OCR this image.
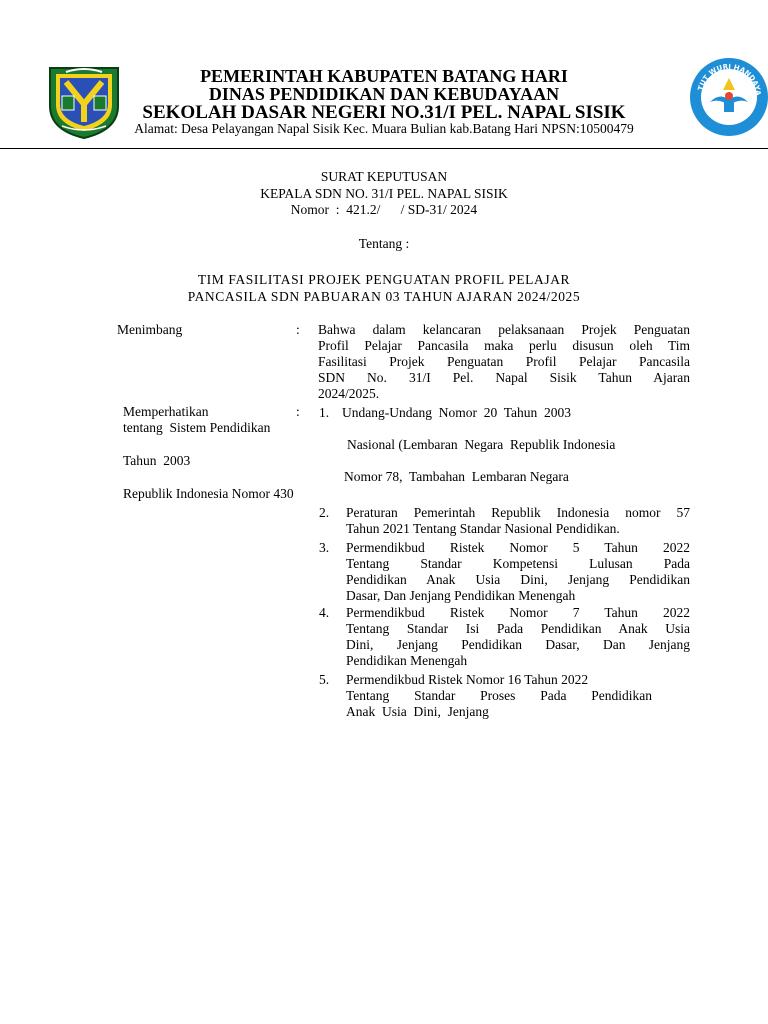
TUT WURI HANDAYA
PEMERINTAH KABUPATEN BATANG HARI
DINAS PENDIDIKAN DAN KEBUDAYAAN
SEKOLAH DASAR NEGERI NO.31/I PEL. NAPAL SISIK
Alamat: Desa Pelayangan Napal Sisik Kec. Muara Bulian kab.Batang Hari NPSN:10500479
SURAT KEPUTUSAN
KEPALA SDN NO. 31/I PEL. NAPAL SISIK
Nomor  :  421.2/      / SD-31/ 2024
Tentang :
TIM FASILITASI PROJEK PENGUATAN PROFIL PELAJAR
PANCASILA SDN PABUARAN 03 TAHUN AJARAN 2024/2025
Menimbang	: Bahwa dalam kelancaran pelaksanaan Projek Penguatan
Profil Pelajar Pancasila maka perlu disusun oleh Tim
Fasilitasi Projek Penguatan Profil Pelajar Pancasila
SDN No. 31/I Pel. Napal Sisik Tahun Ajaran
2024/2025.
Memperhatikan	:
tentang  Sistem Pendidikan
Tahun  2003
Republik Indonesia Nomor 430
1. Undang-Undang  Nomor  20  Tahun  2003
Nasional (Lembaran  Negara  Republik Indonesia
Nomor 78,  Tambahan  Lembaran Negara
2. Peraturan Pemerintah Republik Indonesia nomor 57
Tahun 2021 Tentang Standar Nasional Pendidikan.
3. Permendikbud Ristek Nomor 5 Tahun 2022
Tentang Standar Kompetensi Lulusan Pada
Pendidikan Anak Usia Dini, Jenjang Pendidikan
Dasar, Dan Jenjang Pendidikan Menengah
4. Permendikbud Ristek Nomor 7 Tahun 2022
Tentang Standar Isi Pada Pendidikan Anak Usia
Dini, Jenjang Pendidikan Dasar, Dan Jenjang
Pendidikan Menengah
5. Permendikbud Ristek Nomor 16 Tahun 2022
Tentang Standar Proses Pada Pendidikan
Anak  Usia  Dini,  Jenjang
